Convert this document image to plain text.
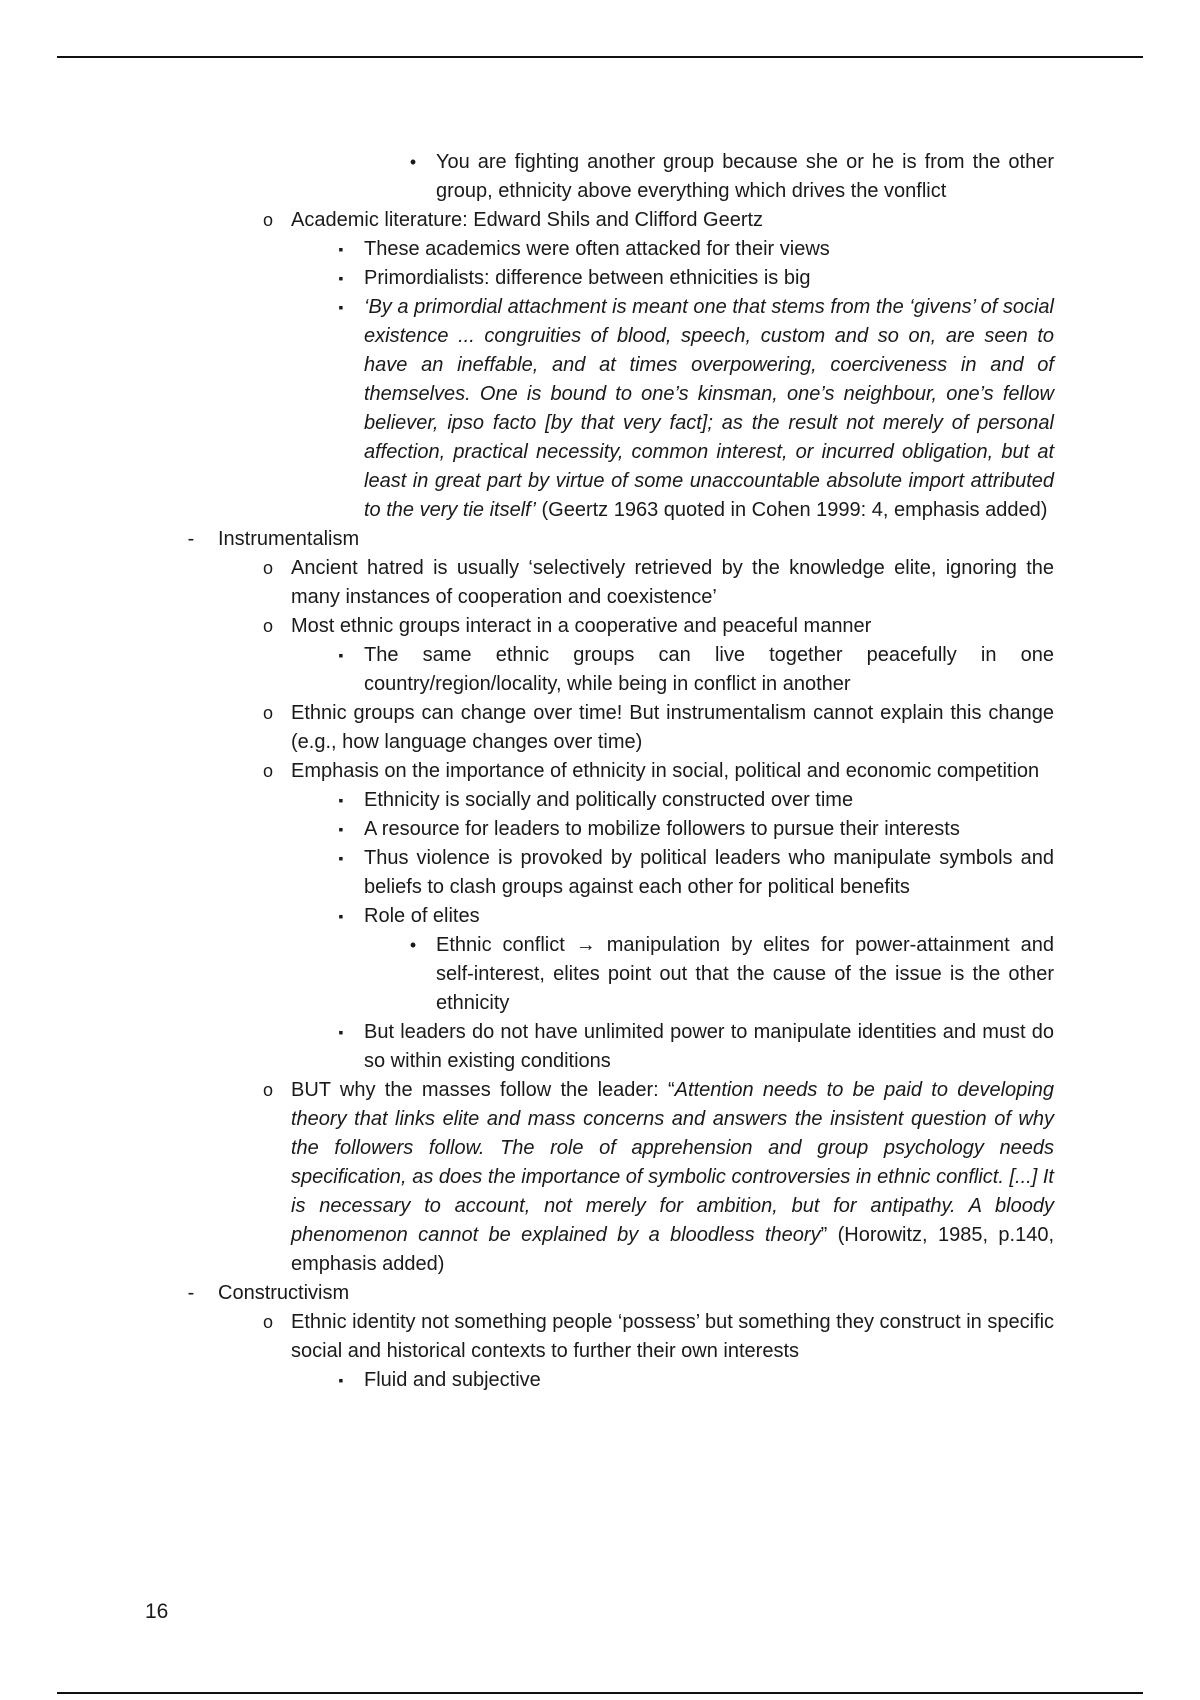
• You are fighting another group because she or he is from the other group, ethnicity above everything which drives the vonflict

o Academic literature: Edward Shils and Clifford Geertz

▪	These academics were often attacked for their views

▪	Primordialists: difference between ethnicities is big

▪	‘By a primordial attachment is meant one that stems from the ‘givens’ of social existence ... congruities of blood, speech, custom and so on, are seen to have an ineffable, and at times overpowering, coerciveness in and of themselves. One is bound to one’s kinsman, one’s neighbour, one’s fellow believer, ipso facto [by that very fact]; as the result not merely of personal affection, practical necessity, common interest, or incurred obligation, but at least in great part by virtue of some unaccountable absolute import attributed to the very tie itself’ (Geertz 1963 quoted in Cohen 1999: 4, emphasis added)

-	Instrumentalism

o Ancient hatred is usually ‘selectively retrieved by the knowledge elite, ignoring the many instances of cooperation and coexistence’

o Most ethnic groups interact in a cooperative and peaceful manner

▪	The same ethnic groups can live together peacefully in one country/region/locality, while being in conflict in another

o Ethnic groups can change over time! But instrumentalism cannot explain this change (e.g., how language changes over time)

o Emphasis on the importance of ethnicity in social, political and economic competition

▪	Ethnicity is socially and politically constructed over time

▪	A resource for leaders to mobilize followers to pursue their interests

▪	Thus violence is provoked by political leaders who manipulate symbols and beliefs to clash groups against each other for political benefits

▪	Role of elites

• Ethnic conflict → manipulation by elites for power-attainment and self-interest, elites point out that the cause of the issue is the other ethnicity

▪	But leaders do not have unlimited power to manipulate identities and must do so within existing conditions

o BUT why the masses follow the leader: “Attention needs to be paid to developing theory that links elite and mass concerns and answers the insistent question of why the followers follow. The role of apprehension and group psychology needs specification, as does the importance of symbolic controversies in ethnic conflict. [...] It is necessary to account, not merely for ambition, but for antipathy. A bloody phenomenon cannot be explained by a bloodless theory” (Horowitz, 1985, p.140, emphasis added)

-	Constructivism

o Ethnic identity not something people ‘possess’ but something they construct in specific social and historical contexts to further their own interests

▪	Fluid and subjective

16
